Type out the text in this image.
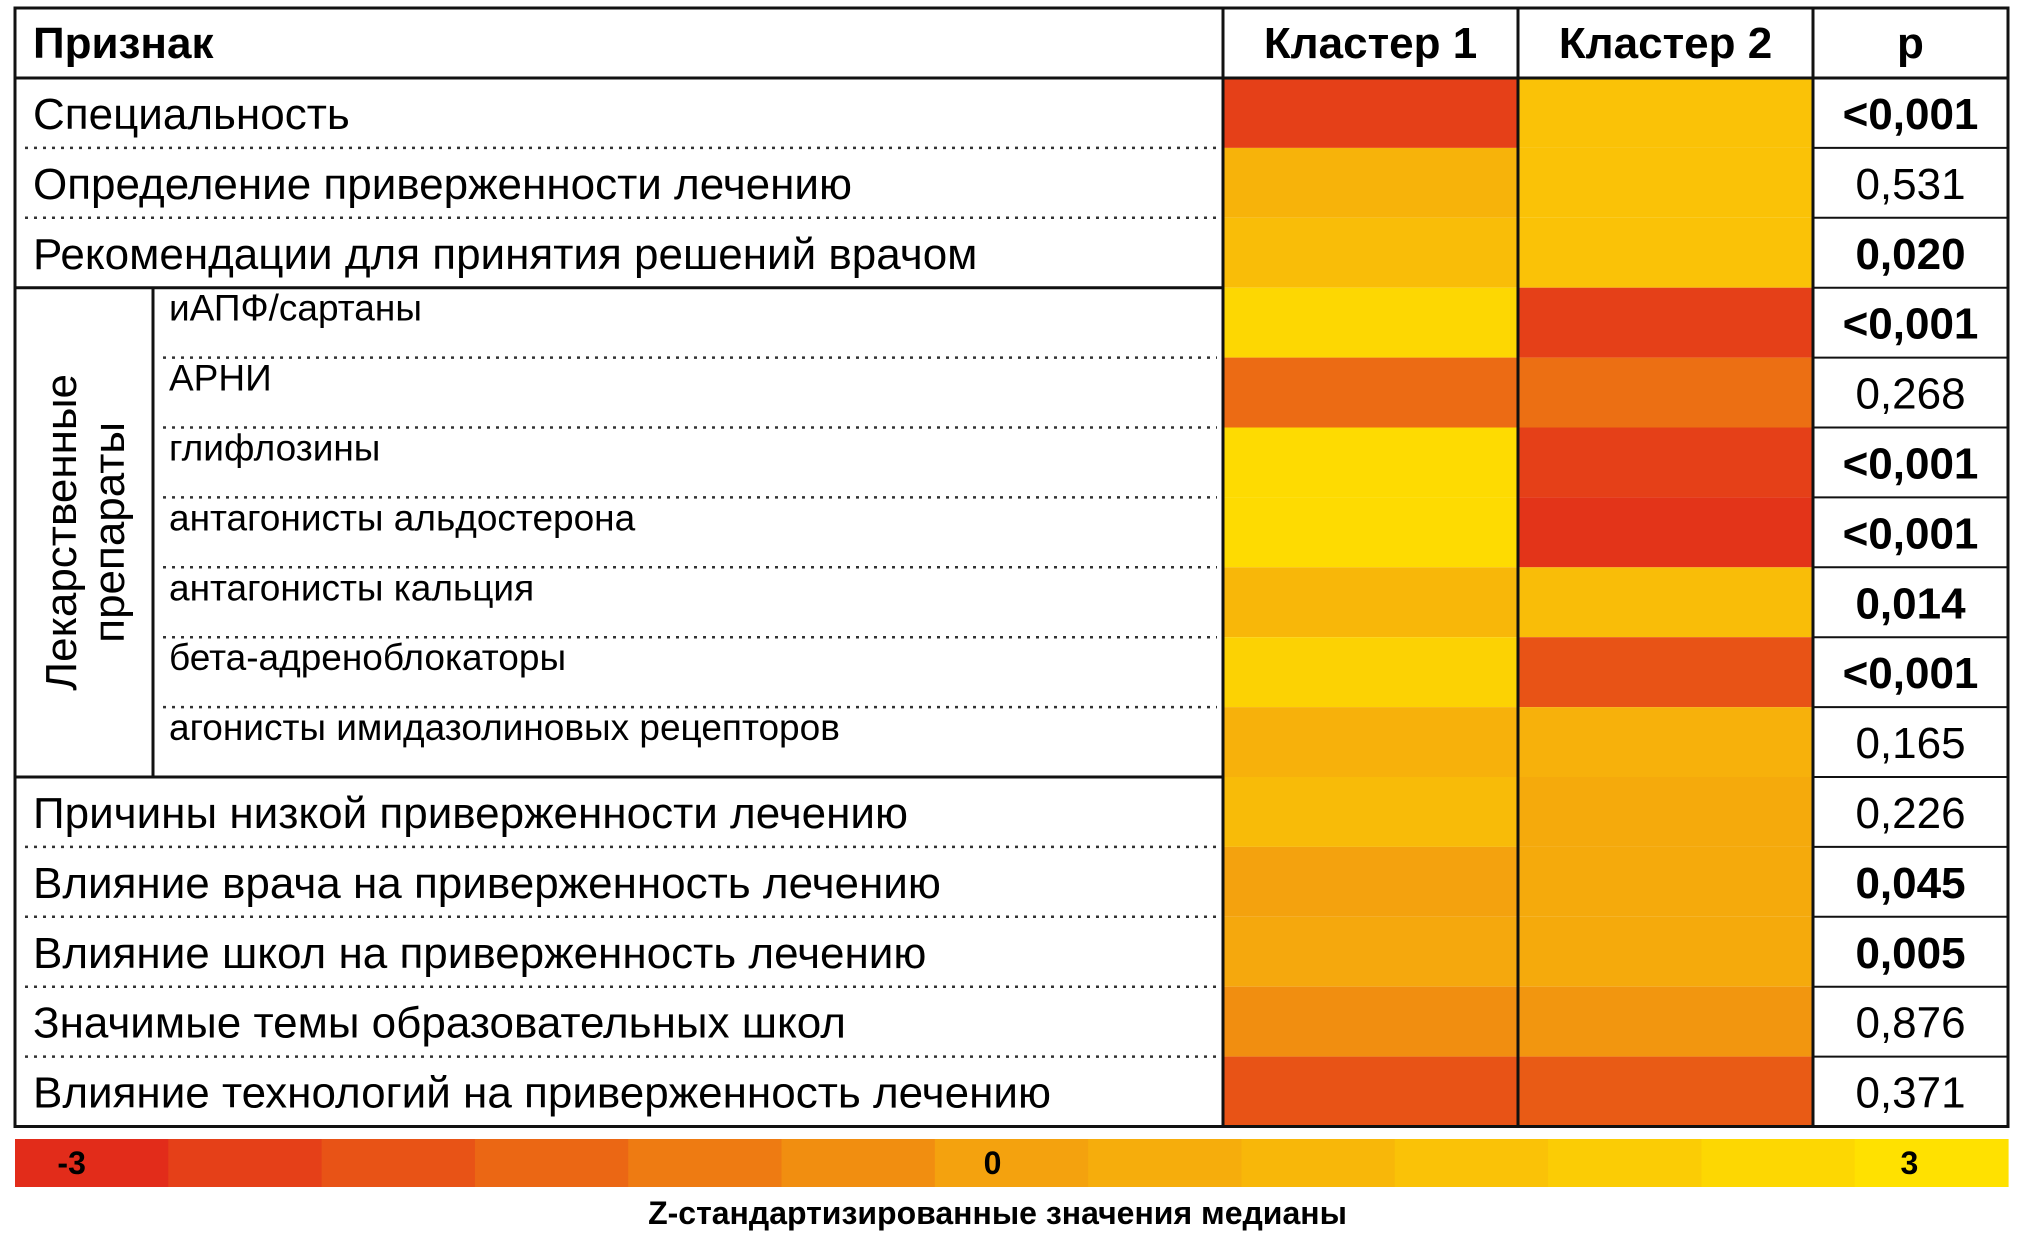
Признак	Кластер 1 Кластер 2	p
Специальность	<0,001
Определение приверженности лечению	0,531
Рекомендации для принятия решений врачом	0,020
иАПФ/сартаны	<0,001
АРНИ	0,268
глифлозины	<0,001
антагонисты альдостерона	<0,001
антагонисты кальция	0,014
бета-адреноблокаторы	<0,001
агонисты имидазолиновых рецепторов	0,165
Причины низкой приверженности лечению	0,226
Влияние врача на приверженность лечению	0,045
Влияние школ на приверженность лечению	0,005
Значимые темы образовательных школ	0,876
Влияние технологий на приверженность лечению	0,371
Лекарственныепрепараты
-3	0	3
Z-стандартизированные значения медианы
